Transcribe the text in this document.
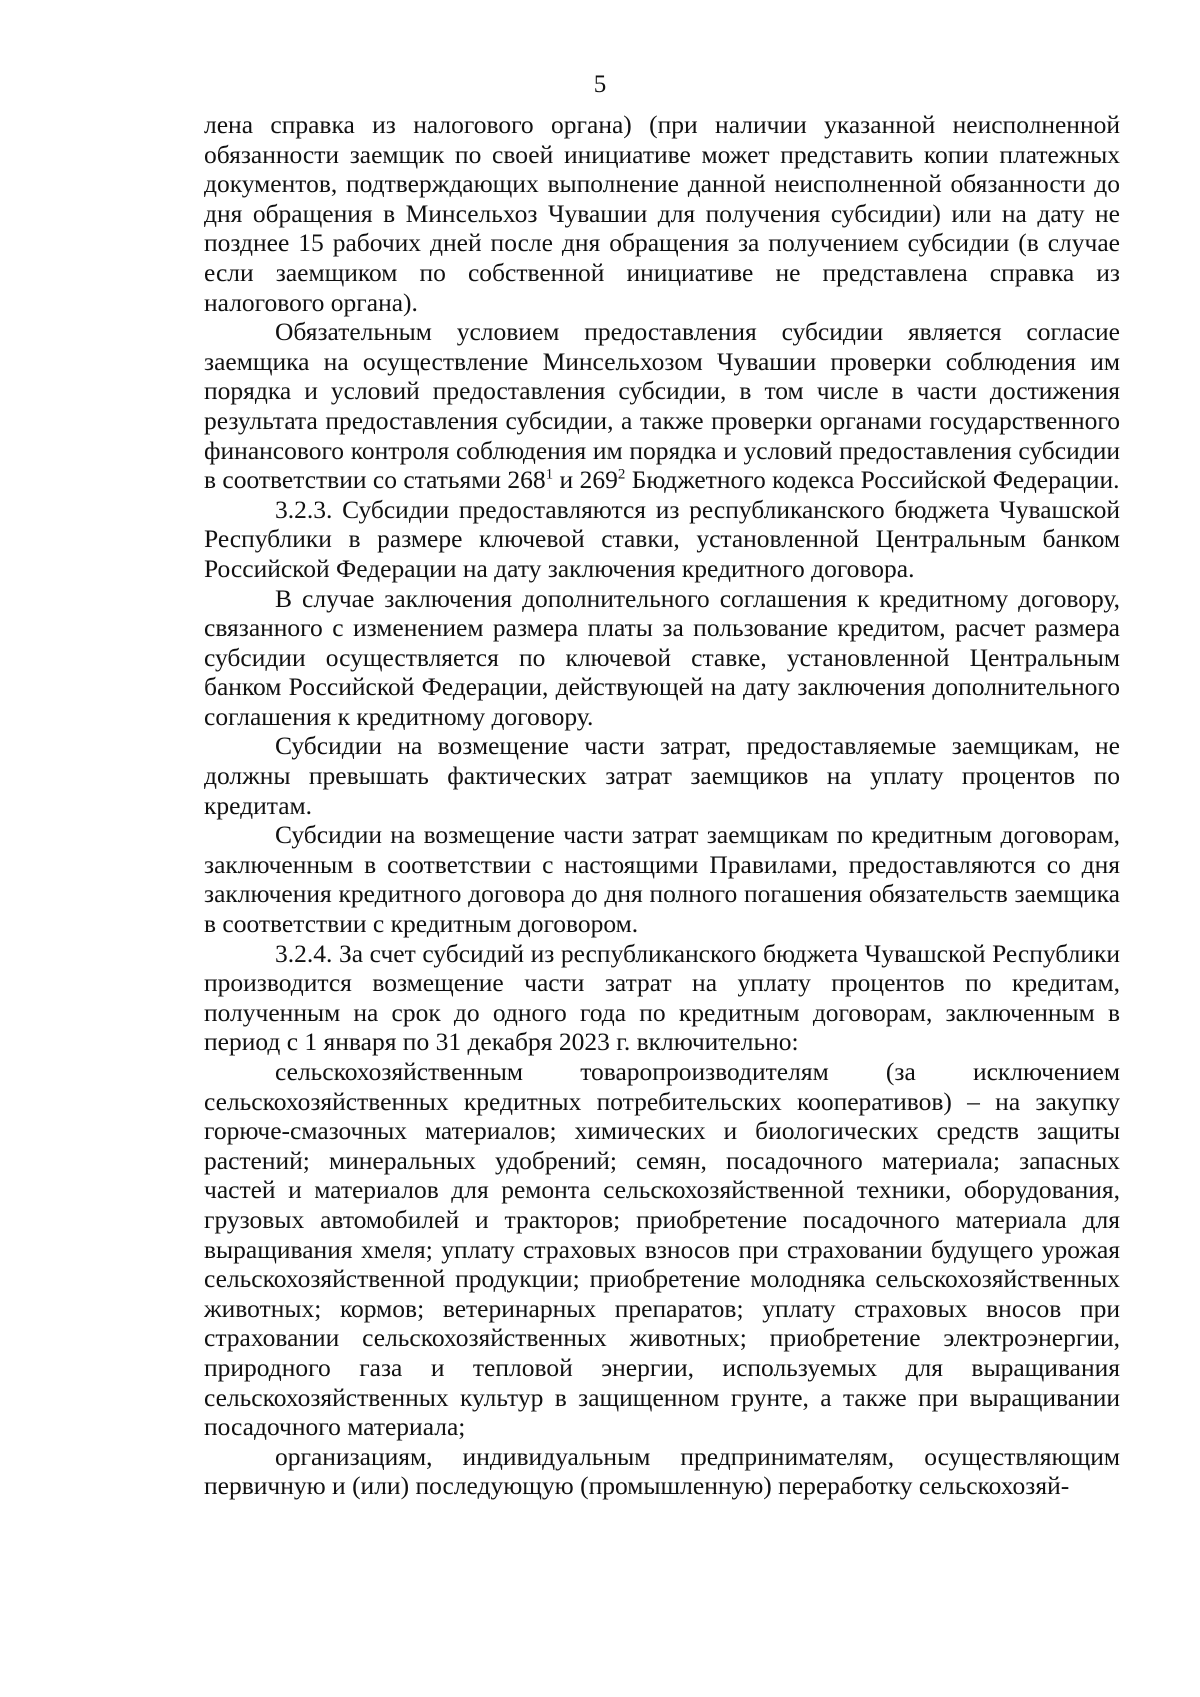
5

лена справка из налогового органа) (при наличии указанной неисполненной обязанности заемщик по своей инициативе может представить копии платежных документов, подтверждающих выполнение данной неисполненной обязанности до дня обращения в Минсельхоз Чувашии для получения субсидии) или на дату не позднее 15 рабочих дней после дня обращения за получением субсидии (в случае если заемщиком по собственной инициативе не представлена справка из налогового органа).

Обязательным условием предоставления субсидии является согласие заемщика на осуществление Минсельхозом Чувашии проверки соблюдения им порядка и условий предоставления субсидии, в том числе в части достижения результата предоставления субсидии, а также проверки органами государственного финансового контроля соблюдения им порядка и условий предоставления субсидии в соответствии со статьями $268^1$ и $269^2$ Бюджетного кодекса Российской Федерации.

3.2.3. Субсидии предоставляются из республиканского бюджета Чувашской Республики в размере ключевой ставки, установленной Центральным банком Российской Федерации на дату заключения кредитного договора.

В случае заключения дополнительного соглашения к кредитному договору, связанного с изменением размера платы за пользование кредитом, расчет размера субсидии осуществляется по ключевой ставке, установленной Центральным банком Российской Федерации, действующей на дату заключения дополнительного соглашения к кредитному договору.

Субсидии на возмещение части затрат, предоставляемые заемщикам, не должны превышать фактических затрат заемщиков на уплату процентов по кредитам.

Субсидии на возмещение части затрат заемщикам по кредитным договорам, заключенным в соответствии с настоящими Правилами, предоставляются со дня заключения кредитного договора до дня полного погашения обязательств заемщика в соответствии с кредитным договором.

3.2.4. За счет субсидий из республиканского бюджета Чувашской Республики производится возмещение части затрат на уплату процентов по кредитам, полученным на срок до одного года по кредитным договорам, заключенным в период с 1 января по 31 декабря 2023 г. включительно:

сельскохозяйственным товаропроизводителям (за исключением сельскохозяйственных кредитных потребительских кооперативов) – на закупку горюче-смазочных материалов; химических и биологических средств защиты растений; минеральных удобрений; семян, посадочного материала; запасных частей и материалов для ремонта сельскохозяйственной техники, оборудования, грузовых автомобилей и тракторов; приобретение посадочного материала для выращивания хмеля; уплату страховых взносов при страховании будущего урожая сельскохозяйственной продукции; приобретение молодняка сельскохозяйственных животных; кормов; ветеринарных препаратов; уплату страховых вносов при страховании сельскохозяйственных животных; приобретение электроэнергии, природного газа и тепловой энергии, используемых для выращивания сельскохозяйственных культур в защищенном грунте, а также при выращивании посадочного материала;

организациям, индивидуальным предпринимателям, осуществляющим первичную и (или) последующую (промышленную) переработку сельскохозяй-
